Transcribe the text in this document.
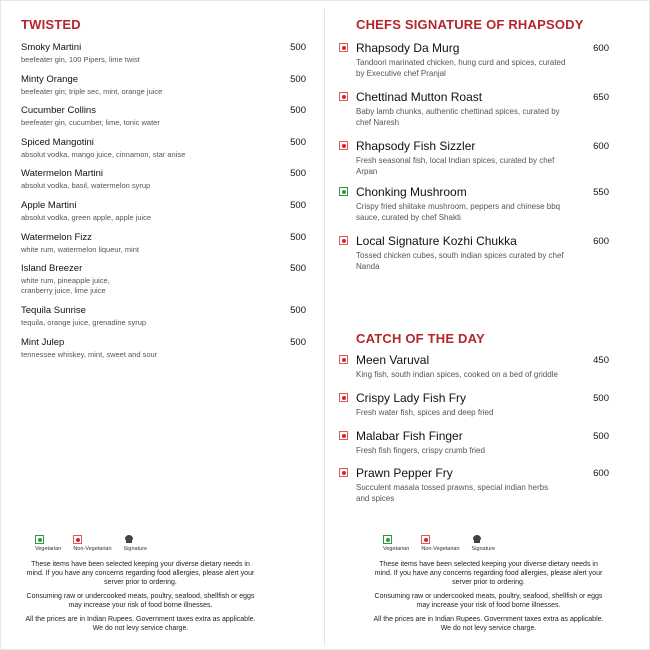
TWISTED
Smoky Martini
beefeater gin, 100 Pipers, lime twist
500
Minty Orange
beefeater gin; triple sec, mint, orange juice
500
Cucumber Collins
beefeater gin, cucumber, lime, tonic water
500
Spiced Mangotini
absolut vodka, mango juice, cinnamon, star anise
500
Watermelon Martini
absolut vodka, basil, watermelon syrup
500
Apple Martini
absolut vodka, green apple, apple juice
500
Watermelon Fizz
white rum, watermelon liqueur, mint
500
Island Breezer
white rum, pineapple juice, cranberry juice, lime juice
500
Tequila Sunrise
tequila, orange juice, grenadine syrup
500
Mint Julep
tennessee whiskey, mint, sweet and sour
500
CHEFS SIGNATURE OF RHAPSODY
Rhapsody Da Murg
Tandoori marinated chicken, hung curd and spices, curated by Executive chef Pranjal
600
Chettinad Mutton Roast
Baby lamb chunks, authentic chettinad spices, curated by chef Naresh
650
Rhapsody Fish Sizzler
Fresh seasonal fish, local Indian spices, curated by chef Arpan
600
Chonking Mushroom
Crispy fried shiitake mushroom, peppers and chinese bbq sauce, curated by chef Shakti
550
Local Signature Kozhi Chukka
Tossed chicken cubes, south indian spices curated by chef Nanda
600
CATCH OF THE DAY
Meen Varuval
King fish, south indian spices, cooked on a bed of griddle
450
Crispy Lady Fish Fry
Fresh water fish, spices and deep fried
500
Malabar Fish Finger
Fresh fish fingers, crispy crumb fried
500
Prawn Pepper Fry
Succulent masala tossed prawns, special indian herbs and spices
600
Vegetarian Non-Vegetarian Signature
These items have been selected keeping your diverse dietary needs in mind. If you have any concerns regarding food allergies, please alert your server prior to ordering.
Consuming raw or undercooked meats, poultry, seafood, shellfish or eggs may increase your risk of food borne illnesses.
All the prices are in Indian Rupees. Government taxes extra as applicable. We do not levy service charge.
Vegetarian Non-Vegetarian Signature
These items have been selected keeping your diverse dietary needs in mind. If you have any concerns regarding food allergies, please alert your server prior to ordering.
Consuming raw or undercooked meats, poultry, seafood, shellfish or eggs may increase your risk of food borne illnesses.
All the prices are in Indian Rupees. Government taxes extra as applicable. We do not levy service charge.
